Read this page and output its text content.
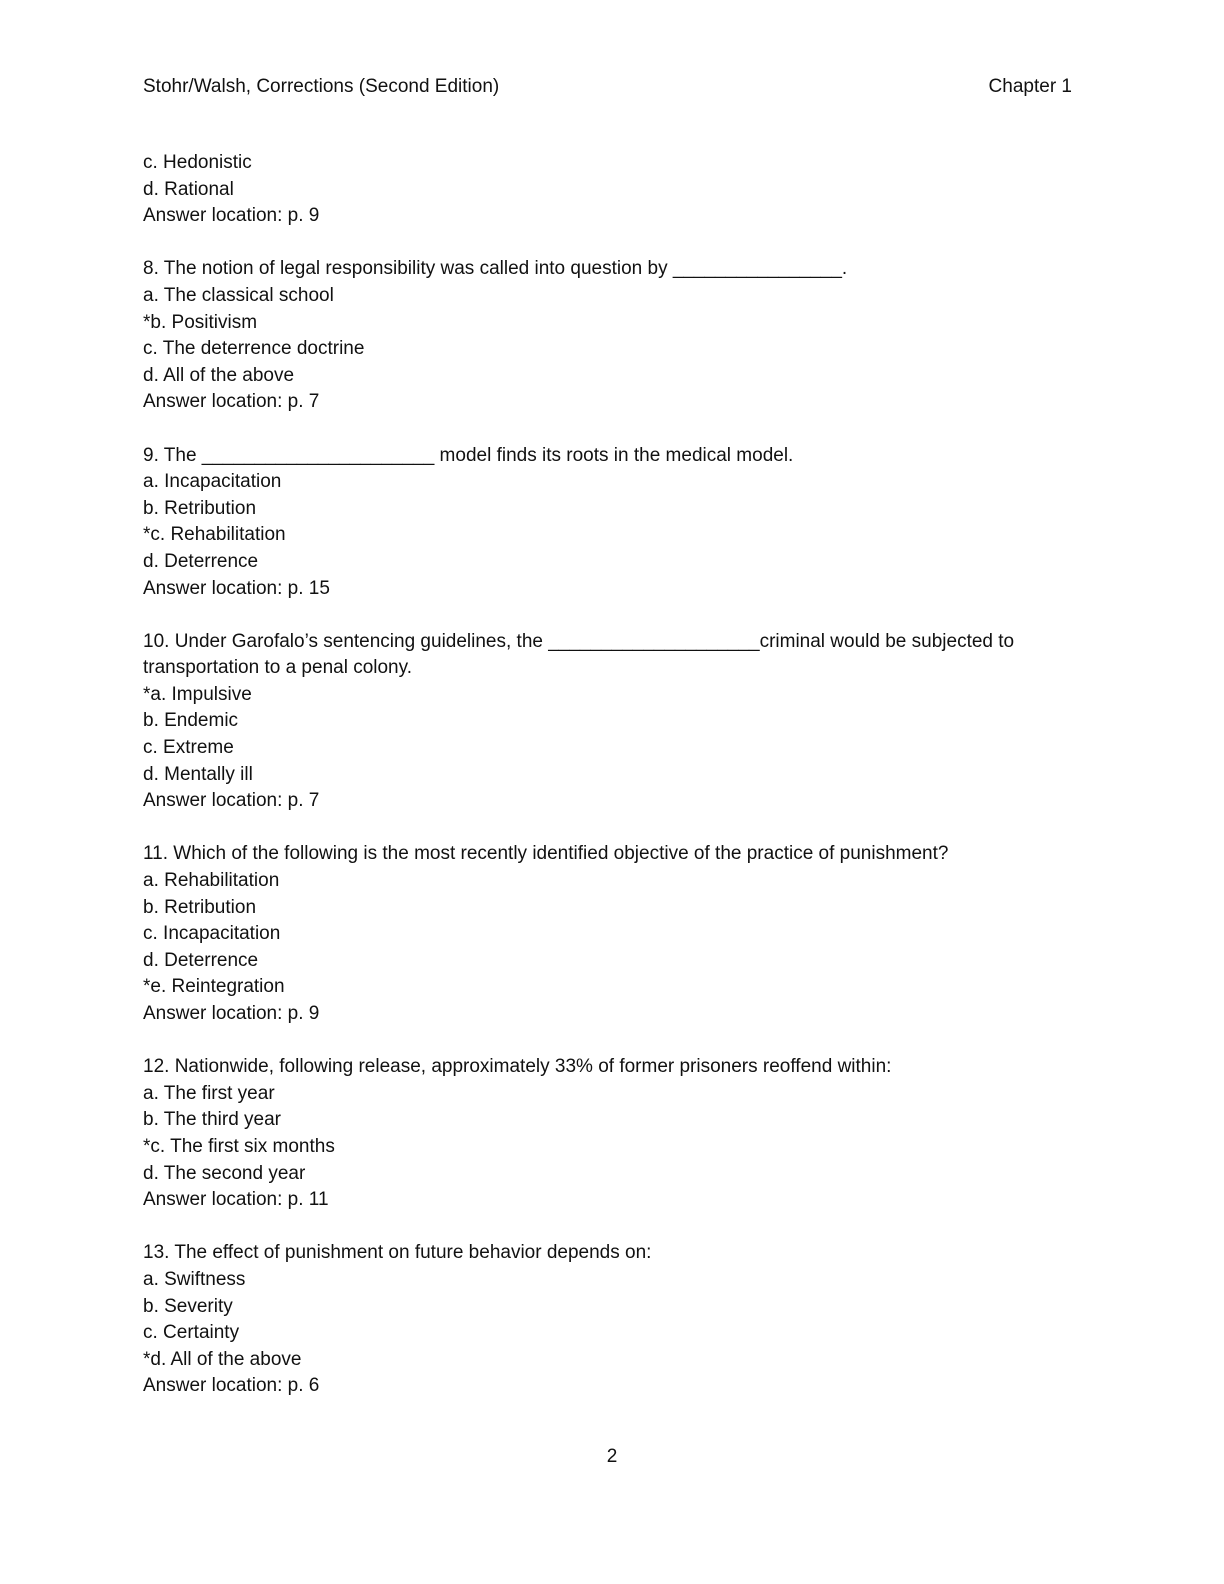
Stohr/Walsh, Corrections (Second Edition)	Chapter 1

c. Hedonistic

d. Rational

Answer location: p. 9

8. The notion of legal responsibility was called into question by ________________.

a. The classical school

*b. Positivism

c. The deterrence doctrine

d. All of the above

Answer location: p. 7

9. The ______________________ model finds its roots in the medical model.

a. Incapacitation

b. Retribution

*c. Rehabilitation

d. Deterrence

Answer location: p. 15

10. Under Garofalo’s sentencing guidelines, the ____________________criminal would be subjected to transportation to a penal colony.

*a. Impulsive

b. Endemic

c. Extreme

d. Mentally ill

Answer location: p. 7

11. Which of the following is the most recently identified objective of the practice of punishment?

a. Rehabilitation

b. Retribution

c. Incapacitation

d. Deterrence

*e. Reintegration

Answer location: p. 9

12. Nationwide, following release, approximately 33% of former prisoners reoffend within:

a. The first year

b. The third year

*c. The first six months

d. The second year

Answer location: p. 11

13. The effect of punishment on future behavior depends on:

a. Swiftness

b. Severity

c. Certainty

*d. All of the above

Answer location: p. 6

2
